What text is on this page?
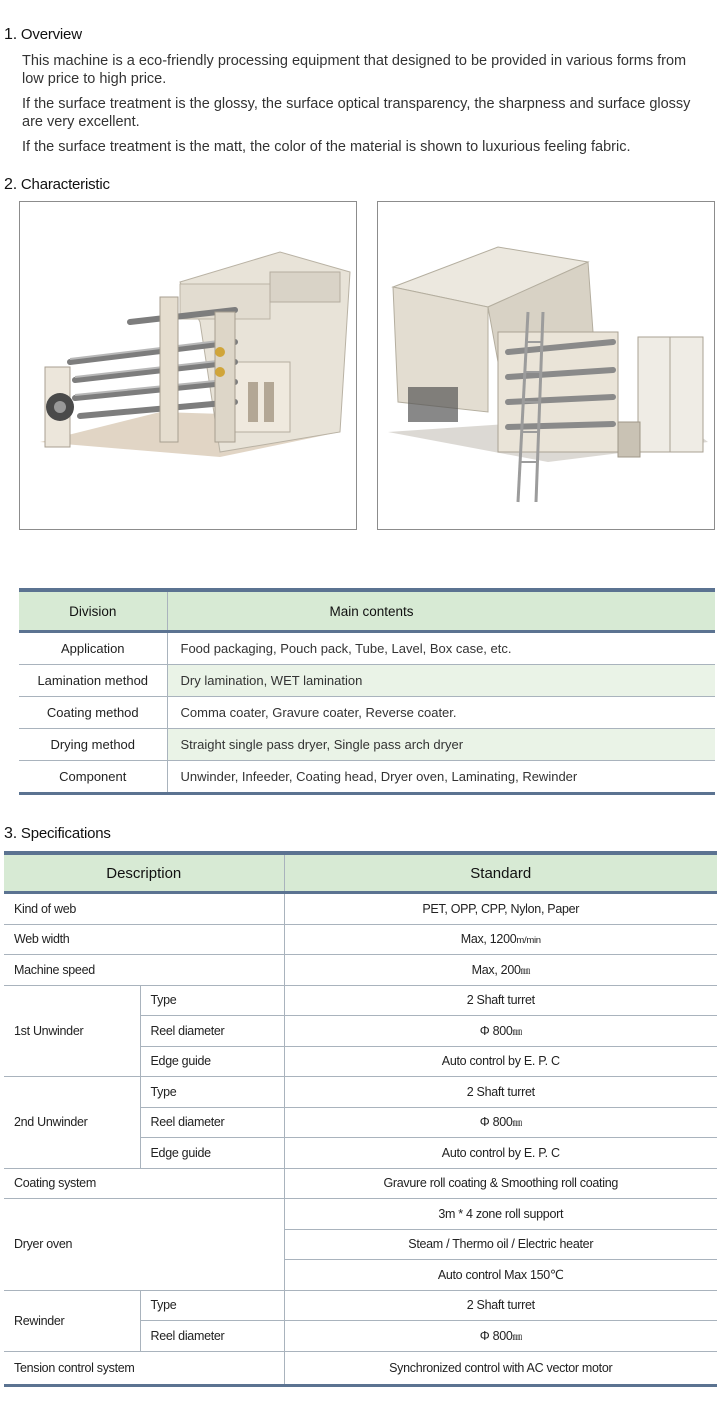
1. Overview
This machine is a eco-friendly processing equipment that designed to be provided in various forms from low price to high price.
If the surface treatment is the glossy, the surface optical transparency, the sharpness and surface glossy are very excellent.
If the surface treatment is the matt, the color of the material is shown to luxurious feeling fabric.
2. Characteristic
Division	Main contents
Application	Food packaging, Pouch pack, Tube, Lavel, Box case, etc.
Lamination method	Dry lamination, WET lamination
Coating method	Comma coater, Gravure coater, Reverse coater.
Drying method	Straight single pass dryer, Single pass arch dryer
Component	Unwinder, Infeeder, Coating head, Dryer oven, Laminating, Rewinder
3. Specifications
Description		Standard
Kind of web		PET, OPP, CPP, Nylon, Paper
Web width		Max, 1200m/min
Machine speed		Max, 200㎜
1st Unwinder	Type	2 Shaft turret
	Reel diameter	Φ 800㎜
	Edge guide	Auto control by E. P. C
2nd Unwinder	Type	2 Shaft turret
	Reel diameter	Φ 800㎜
	Edge guide	Auto control by E. P. C
Coating system		Gravure roll coating & Smoothing roll coating
Dryer oven		3m * 4 zone roll support
		Steam / Thermo oil / Electric heater
		Auto control Max 150℃
Rewinder	Type	2 Shaft turret
	Reel diameter	Φ 800㎜
Tension control system		Synchronized control with AC vector motor
